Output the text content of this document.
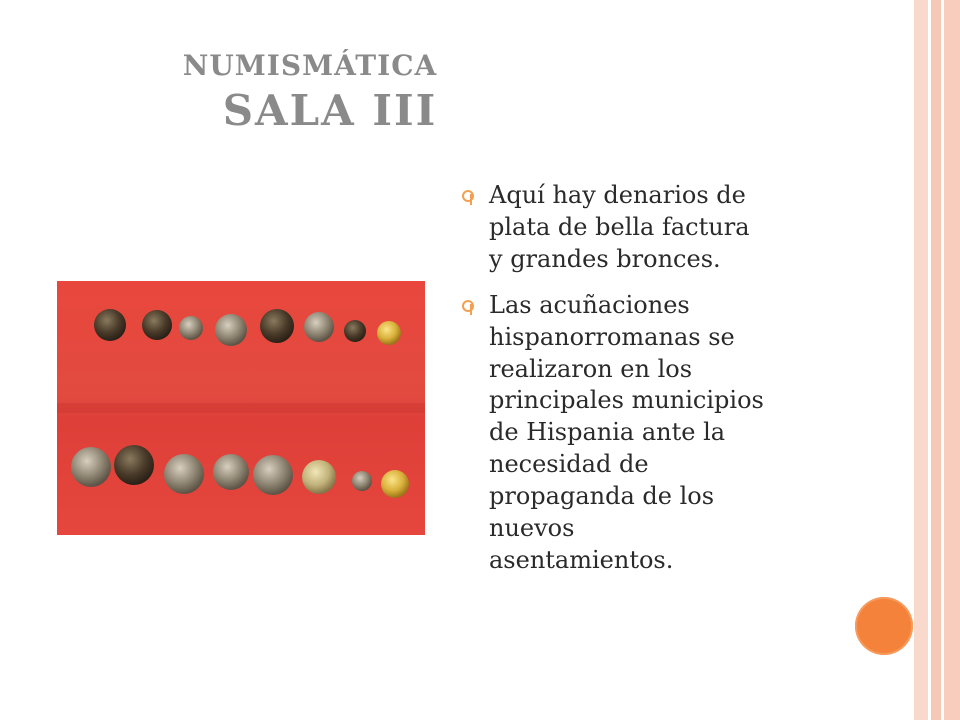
NUMISMÁTICA
SALA III
Aquí hay denarios de
plata de bella factura
y grandes bronces.
Las acuñaciones
hispanorromanas se
realizaron en los
principales municipios
de Hispania ante la
necesidad de
propaganda de los
nuevos
asentamientos.
